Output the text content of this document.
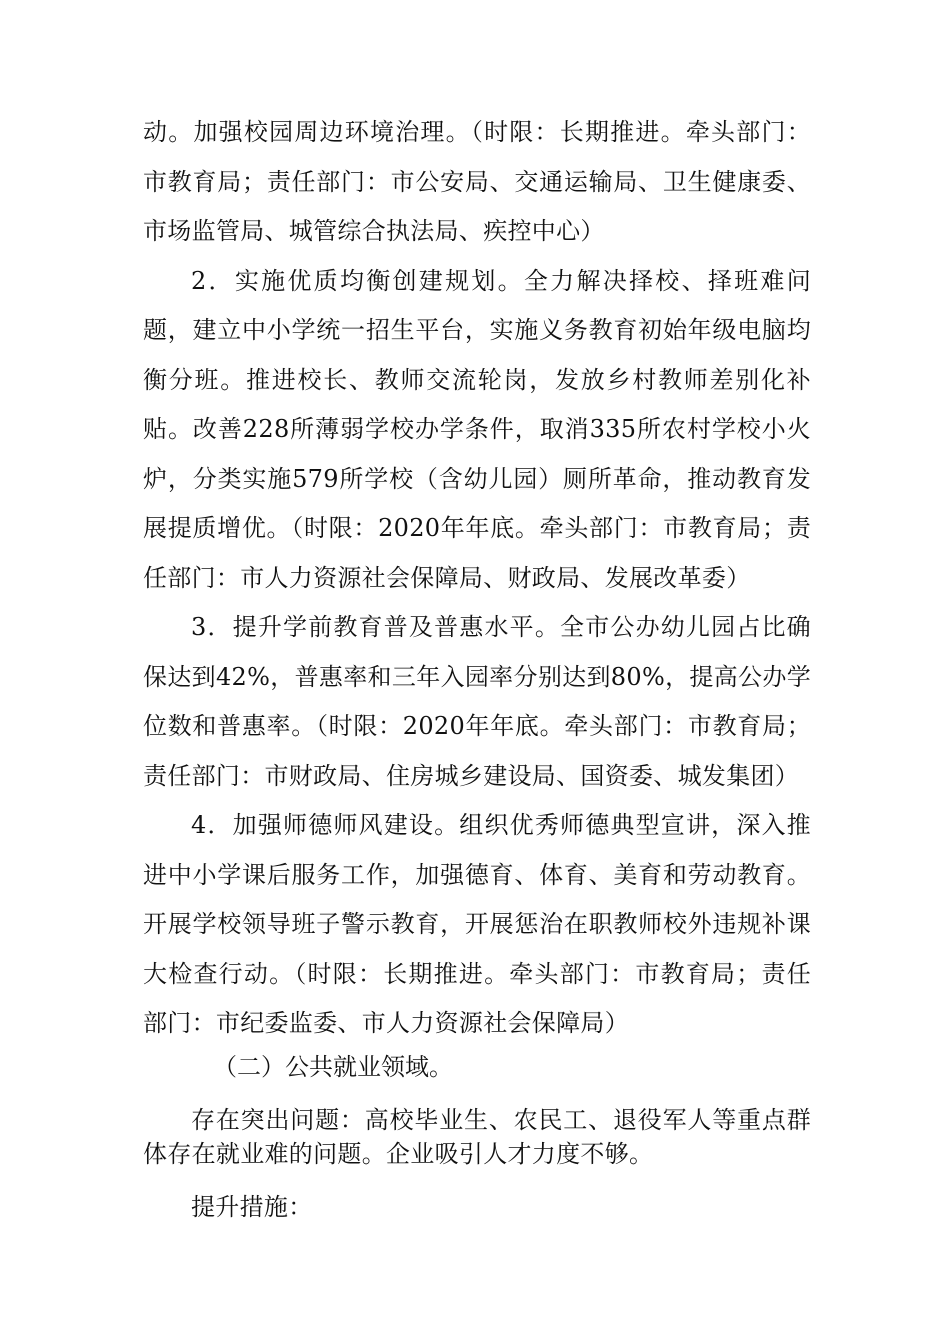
动。加强校园周边环境治理。（时限：长期推进。牵头部门：市教育局；责任部门：市公安局、交通运输局、卫生健康委、市场监管局、城管综合执法局、疾控中心）

2．实施优质均衡创建规划。全力解决择校、择班难问题，建立中小学统一招生平台，实施义务教育初始年级电脑均衡分班。推进校长、教师交流轮岗，发放乡村教师差别化补贴。改善228所薄弱学校办学条件，取消335所农村学校小火炉，分类实施579所学校（含幼儿园）厕所革命，推动教育发展提质增优。（时限：2020年年底。牵头部门：市教育局；责任部门：市人力资源社会保障局、财政局、发展改革委）

3．提升学前教育普及普惠水平。全市公办幼儿园占比确保达到42%，普惠率和三年入园率分别达到80%，提高公办学位数和普惠率。（时限：2020年年底。牵头部门：市教育局；责任部门：市财政局、住房城乡建设局、国资委、城发集团）

4．加强师德师风建设。组织优秀师德典型宣讲，深入推进中小学课后服务工作，加强德育、体育、美育和劳动教育。开展学校领导班子警示教育，开展惩治在职教师校外违规补课大检查行动。（时限：长期推进。牵头部门：市教育局；责任部门：市纪委监委、市人力资源社会保障局）

（二）公共就业领域。

存在突出问题：高校毕业生、农民工、退役军人等重点群体存在就业难的问题。企业吸引人才力度不够。

提升措施：
